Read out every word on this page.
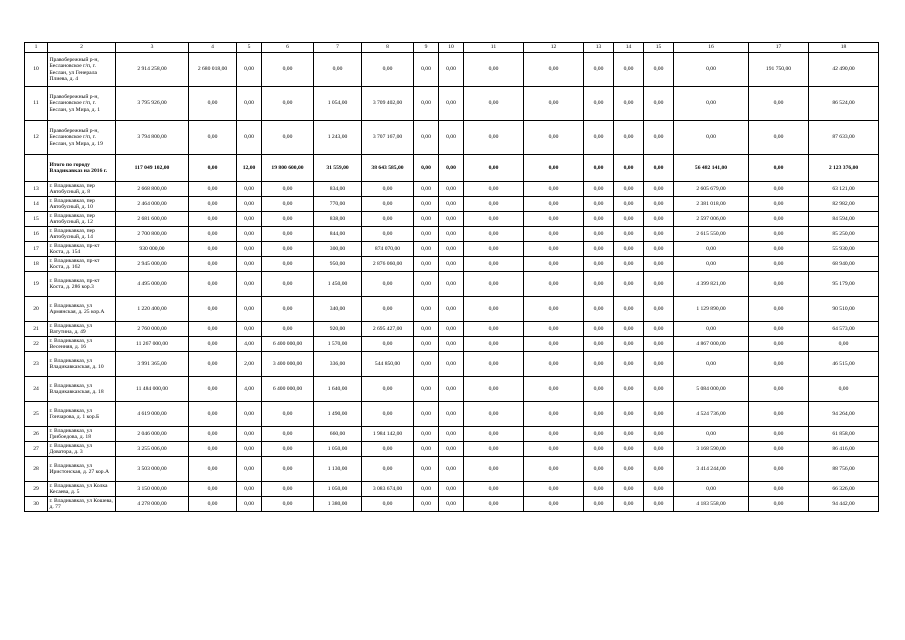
1	2	3	4	5	6	7	8	9	10	11	12	13	14	15	16	17	18
10	Правобережный р-н, Беслановское г/п, г. Беслан, ул Генерала Плиева, д. 4	2 914 258,00	2 680 018,00	0,00	0,00	0,00	0,00	0,00	0,00	0,00	0,00	0,00	0,00	0,00	0,00	191 750,00	42 490,00
11	Правобережный р-н, Беслановское г/п, г. Беслан, ул Мира, д. 1	3 795 926,00	0,00	0,00	0,00	1 054,00	3 709 402,00	0,00	0,00	0,00	0,00	0,00	0,00	0,00	0,00	0,00	86 524,00
12	Правобережный р-н, Беслановское г/п, г. Беслан, ул Мира, д. 19	3 794 800,00	0,00	0,00	0,00	1 243,00	3 707 167,00	0,00	0,00	0,00	0,00	0,00	0,00	0,00	0,00	0,00	87 633,00
	Итого по городу Владикавказ на 2016 г.	117 049 102,00	0,00	12,00	19 800 600,00	31 559,00	38 643 585,00	0,00	0,00	0,00	0,00	0,00	0,00	0,00	56 482 141,00	0,00	2 123 376,00
13	г. Владикавказ, пер Автобусный, д. 8	2 668 800,00	0,00	0,00	0,00	834,00	0,00	0,00	0,00	0,00	0,00	0,00	0,00	0,00	2 605 679,00	0,00	63 121,00
14	г. Владикавказ, пер Автобусный, д. 10	2 464 000,00	0,00	0,00	0,00	770,00	0,00	0,00	0,00	0,00	0,00	0,00	0,00	0,00	2 381 018,00	0,00	82 982,00
15	г. Владикавказ, пер Автобусный, д. 12	2 681 600,00	0,00	0,00	0,00	838,00	0,00	0,00	0,00	0,00	0,00	0,00	0,00	0,00	2 597 006,00	0,00	84 594,00
16	г. Владикавказ, пер Автобусный, д. 14	2 700 800,00	0,00	0,00	0,00	844,00	0,00	0,00	0,00	0,00	0,00	0,00	0,00	0,00	2 615 550,00	0,00	85 250,00
17	г. Владикавказ, пр-кт Коста, д. 154	930 000,00	0,00	0,00	0,00	300,00	874 070,00	0,00	0,00	0,00	0,00	0,00	0,00	0,00	0,00	0,00	55 930,00
18	г. Владикавказ, пр-кт Коста, д. 162	2 945 000,00	0,00	0,00	0,00	950,00	2 876 060,00	0,00	0,00	0,00	0,00	0,00	0,00	0,00	0,00	0,00	68 940,00
19	г. Владикавказ, пр-кт Коста, д. 286 кор.3	4 495 000,00	0,00	0,00	0,00	1 450,00	0,00	0,00	0,00	0,00	0,00	0,00	0,00	0,00	4 399 821,00	0,00	95 179,00
20	г. Владикавказ, ул Армянская, д. 25 кор.А	1 220 400,00	0,00	0,00	0,00	340,00	0,00	0,00	0,00	0,00	0,00	0,00	0,00	0,00	1 129 890,00	0,00	90 510,00
21	г. Владикавказ, ул Ватутина, д. 49	2 760 000,00	0,00	0,00	0,00	920,00	2 695 427,00	0,00	0,00	0,00	0,00	0,00	0,00	0,00	0,00	0,00	64 573,00
22	г. Владикавказ, ул Весенняя, д. 16	11 267 000,00	0,00	4,00	6 400 000,00	1 570,00	0,00	0,00	0,00	0,00	0,00	0,00	0,00	0,00	4 867 000,00	0,00	0,00
23	г. Владикавказ, ул Владикавказская, д. 10	3 991 365,00	0,00	2,00	3 400 000,00	336,00	544 850,00	0,00	0,00	0,00	0,00	0,00	0,00	0,00	0,00	0,00	46 515,00
24	г. Владикавказ, ул Владикавказская, д. 18	11 484 000,00	0,00	4,00	6 400 000,00	1 640,00	0,00	0,00	0,00	0,00	0,00	0,00	0,00	0,00	5 084 000,00	0,00	0,00
25	г. Владикавказ, ул Гончарова, д. 1 кор.Б	4 619 000,00	0,00	0,00	0,00	1 490,00	0,00	0,00	0,00	0,00	0,00	0,00	0,00	0,00	4 524 736,00	0,00	94 264,00
26	г. Владикавказ, ул Грибоедова, д. 18	2 046 000,00	0,00	0,00	0,00	660,00	1 984 142,00	0,00	0,00	0,00	0,00	0,00	0,00	0,00	0,00	0,00	61 858,00
27	г. Владикавказ, ул Доватора, д. 3	3 255 006,00	0,00	0,00	0,00	1 050,00	0,00	0,00	0,00	0,00	0,00	0,00	0,00	0,00	3 168 590,00	0,00	86 416,00
28	г. Владикавказ, ул Иристонская, д. 27 кор.А	3 503 000,00	0,00	0,00	0,00	1 130,00	0,00	0,00	0,00	0,00	0,00	0,00	0,00	0,00	3 414 244,00	0,00	88 756,00
29	г. Владикавказ, ул Колка Кесаева, д. 5	3 150 000,00	0,00	0,00	0,00	1 050,00	3 083 674,00	0,00	0,00	0,00	0,00	0,00	0,00	0,00	0,00	0,00	66 326,00
30	г. Владикавказ, ул Кошева, д. 77	4 278 000,00	0,00	0,00	0,00	1 380,00	0,00	0,00	0,00	0,00	0,00	0,00	0,00	0,00	4 183 558,00	0,00	94 442,00
